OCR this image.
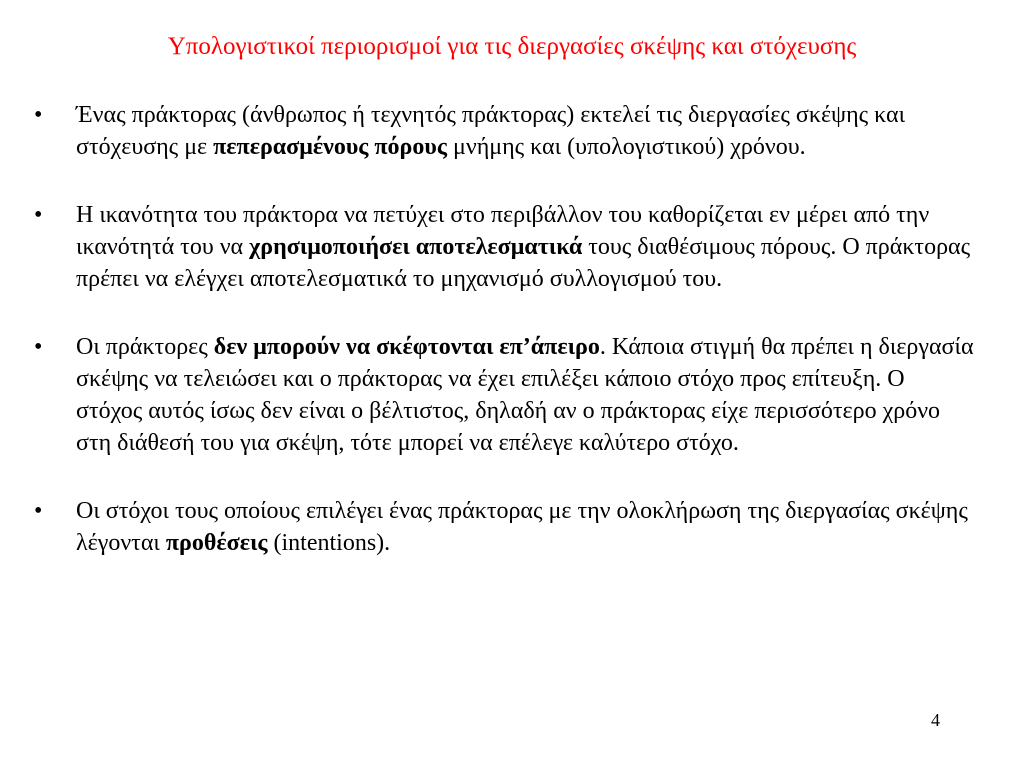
Υπολογιστικοί περιορισμοί για τις διεργασίες σκέψης και στόχευσης
• Ένας πράκτορας (άνθρωπος ή τεχνητός πράκτορας) εκτελεί τις διεργασίες σκέψης και στόχευσης με πεπερασμένους πόρους μνήμης και (υπολογιστικού) χρόνου.
• Η ικανότητα του πράκτορα να πετύχει στο περιβάλλον του καθορίζεται εν μέρει από την ικανότητά του να χρησιμοποιήσει αποτελεσματικά τους διαθέσιμους πόρους. Ο πράκτορας πρέπει να ελέγχει αποτελεσματικά το μηχανισμό συλλογισμού του.
• Οι πράκτορες δεν μπορούν να σκέφτονται επ’άπειρο. Κάποια στιγμή θα πρέπει η διεργασία σκέψης να τελειώσει και ο πράκτορας να έχει επιλέξει κάποιο στόχο προς επίτευξη. Ο στόχος αυτός ίσως δεν είναι ο βέλτιστος, δηλαδή αν ο πράκτορας είχε περισσότερο χρόνο στη διάθεσή του για σκέψη, τότε μπορεί να επέλεγε καλύτερο στόχο.
• Οι στόχοι τους οποίους επιλέγει ένας πράκτορας με την ολοκλήρωση της διεργασίας σκέψης λέγονται προθέσεις (intentions).
4
